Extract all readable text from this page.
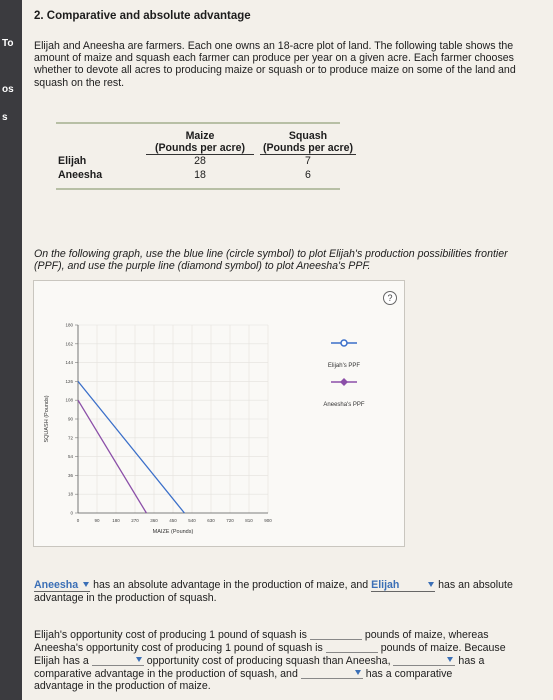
To
os
s
2. Comparative and absolute advantage
Elijah and Aneesha are farmers. Each one owns an 18-acre plot of land. The following table shows the amount of maize and squash each farmer can produce per year on a given acre. Each farmer chooses whether to devote all acres to producing maize or squash or to produce maize on some of the land and squash on the rest.
Maize
(Pounds per acre)
Squash
(Pounds per acre)
Elijah	28	7
Aneesha	18	6
On the following graph, use the blue line (circle symbol) to plot Elijah's production possibilities frontier (PPF), and use the purple line (diamond symbol) to plot Aneesha's PPF.
?
0	90	180	270	360	450	540	630	720	810	900
0
18
36
54
72
90
108
126
144
162
180
MAIZE (Pounds)
SQUASH (Pounds)
Elijah's PPF
Aneesha's PPF
Aneesha has an absolute advantage in the production of maize, and Elijah	has an absolute advantage in the production of squash.
Elijah's opportunity cost of producing 1 pound of squash is	pounds of maize, whereas
Aneesha's opportunity cost of producing 1 pound of squash is	pounds of maize. Because
Elijah has a	opportunity cost of producing squash than Aneesha,	has a
comparative advantage in the production of squash, and	has a comparative
advantage in the production of maize.
